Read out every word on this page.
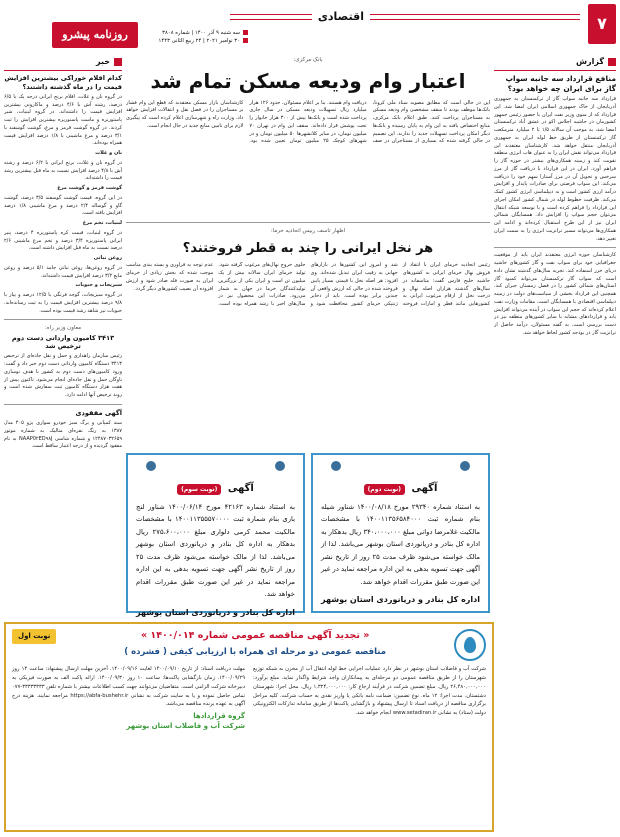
۷
اقتصادی
روزنامه پیشرو	سه شنبه ۹ آذر ۱۴۰۰ | شماره ۳۸۰۸
۳۰ نوامبر ۲۰۲۱ | ۲۴ ربیع الثانی ۱۴۴۳
گزارش
منافع قرارداد سه جانبه سواپ گاز برای ایران چه خواهد بود؟

قرارداد سه جانبه سواپ گاز از ترکمنستان به جمهوری آذربایجان از خاک جمهوری اسلامی ایران امضا شد. این قرارداد که از سوی وزیر نفت ایران با حضور رئیس جمهور کشورمان در حاشیه اجلاس اکو در عشق آباد ترکمنستان امضا شد، به موجب آن سالانه ۱/۵ تا ۲ میلیارد مترمکعب گاز ترکمنستان از طریق خط لوله ایران به جمهوری آذربایجان منتقل خواهد شد. کارشناسان معتقدند این قرارداد می‌تواند نقش ایران را به عنوان هاب انرژی منطقه تقویت کند و زمینه همکاری‌های بیشتر در حوزه گاز را فراهم آورد. ایران در این قرارداد با دریافت گاز از مرز سرخس و تحویل آن در مرز آستارا سهم خود را دریافت می‌کند. این سواپ فرصتی برای صادرات پایدار و افزایش درآمد ارزی کشور است و به دیپلماسی انرژی کشور کمک می‌کند. ظرفیت خطوط لوله در شمال کشور امکان اجرای این قرارداد را فراهم کرده است و با توسعه شبکه انتقال می‌توان حجم سواپ را افزایش داد. همسایگان شمالی ایران نیز از این طرح استقبال کرده‌اند و ادامه این همکاری‌ها می‌تواند مسیر ترانزیت انرژی را به سمت ایران تغییر دهد.

کارشناسان حوزه انرژی معتقدند ایران باید از موقعیت جغرافیایی خود برای سواپ نفت و گاز کشورهای حاشیه دریای خزر استفاده کند. تجربه سال‌های گذشته نشان داده است که سواپ گاز ترکمنستان می‌تواند کمبود گاز استان‌های شمالی کشور را در فصل زمستان جبران کند. همچنین این قرارداد بخشی از سیاست‌های دولت در زمینه دیپلماسی اقتصادی با همسایگان است. مقامات وزارت نفت اعلام کرده‌اند که حجم این سواپ در آینده می‌تواند افزایش یابد و قراردادهای مشابه با سایر کشورهای منطقه نیز در دست بررسی است. به گفته مسئولان، درآمد حاصل از ترانزیت گاز در بودجه کشور لحاظ خواهد شد.

بانک مرکزی:
اعتبار وام ودیعه مسکن تمام شد

این در حالی است که مطابق مصوبه ستاد ملی کرونا، بانک‌ها موظف بودند تا سقف مشخصی وام ودیعه مسکن به مستاجران پرداخت کنند. طبق اعلام بانک مرکزی، منابع اختصاص یافته به این وام به پایان رسیده و بانک‌ها دیگر امکان پرداخت تسهیلات جدید را ندارند. این تصمیم در حالی گرفته شده که بسیاری از مستاجران در صف دریافت وام هستند. بنا بر اعلام مسئولان، حدود ۱۲۶ هزار میلیارد ریال تسهیلات ودیعه مسکن در سال جاری پرداخت شده است و بانک‌ها بیش از ۳۰۰ هزار خانوار را تحت پوشش قرار داده‌اند. سقف این وام در تهران ۷۰ میلیون تومان، در سایر کلانشهرها ۵۰ میلیون تومان و در شهرهای کوچک ۲۵ میلیون تومان تعیین شده بود. کارشناسان بازار مسکن معتقدند که قطع این وام فشار بر مستاجران را در فصل نقل و انتقالات افزایش خواهد داد. وزارت راه و شهرسازی اعلام کرده است که پیگیری لازم برای تامین منابع جدید در حال انجام است.

اظهار تاسف رییس اتحادیه خرما:
هر نخل ایرانی را چند به قطر فروختند؟

رئیس اتحادیه خرمای ایران با انتقاد از فروش نهال خرمای ایرانی به کشورهای حاشیه خلیج فارس گفت: متاسفانه در سال‌های گذشته هزاران اصله نهال و درخت نخل از ارقام مرغوب ایرانی به کشورهایی مانند قطر و امارات فروخته شد و امروز این کشورها در بازارهای جهانی به رقیب ایران تبدیل شده‌اند. وی افزود: هر اصله نخل با قیمتی بسیار پایین فروخته شده در حالی که ارزش واقعی آن چندین برابر بوده است. باید از ذخایر ژنتیکی خرمای کشور محافظت شود و جلوی خروج نهال‌های مرغوب گرفته شود. تولید خرمای ایران سالانه بیش از یک میلیون تن است و ایران یکی از بزرگترین تولیدکنندگان خرما در جهان به شمار می‌رود. صادرات این محصول نیز در سال‌های اخیر با رشد همراه بوده است. عدم توجه به فرآوری و بسته بندی مناسب موجب شده که بخش زیادی از خرمای ایران به صورت فله صادر شود و ارزش افزوده آن نصیب کشورهای دیگر گردد.

خبر
کدام اقلام خوراکی بیشترین افزایش قیمت را در ماه گذشته داشتند؟

در گروه نان و غلات، اقلام برنج ایرانی درجه یک با ۶/۵ درصد، رشته آش با ۴/۶ درصد و ماکارونی بیشترین افزایش قیمت را داشته‌اند. در گروه لبنیات، شیر پاستوریزه و ماست پاستوریزه بیشترین افزایش را ثبت کردند. در گروه گوشت قرمز و مرغ، گوشت گوسفند با ۳/۱ درصد و مرغ ماشینی با ۱/۸ درصد افزایش قیمت همراه بوده‌اند.

نان و غلات

در گروه نان و غلات، برنج ایرانی با ۶/۲ درصد و رشته آش با ۴/۸ درصد افزایش نسبت به ماه قبل بیشترین رشد قیمت را داشته‌اند.

گوشت قرمز و گوشت مرغ

در این گروه، قیمت گوشت گوسفند ۳/۵ درصد، گوشت گاو و گوساله ۲/۴ درصد و مرغ ماشینی ۱/۸ درصد افزایش یافته است.

لبنیات، تخم مرغ

در گروه لبنیات، قیمت کره پاستوریزه ۴ درصد، پنیر ایرانی پاستوریزه ۳/۴ درصد و تخم مرغ ماشینی ۲/۶ درصد نسبت به ماه قبل افزایش داشته است.

روغن نباتی

در گروه روغن‌ها، روغن نباتی جامد ۵/۱ درصد و روغن مایع ۳/۲ درصد افزایش قیمت داشته‌اند.

سبزیجات و حبوبات

در گروه سبزیجات، گوجه فرنگی با ۱۲/۵ درصد و پیاز با ۹/۸ درصد بیشترین افزایش قیمت را به ثبت رسانده‌اند. حبوبات نیز شاهد رشد قیمت بوده است.

معاون وزیر راه:
۳۴۱۳ کامیون وارداتی دست دوم ترخیص شد

رئیس سازمان راهداری و حمل و نقل جاده‌ای از ترخیص ۳۴۱۳ دستگاه کامیون وارداتی دست دوم خبر داد و گفت: ورود کامیون‌های دست دوم به کشور با هدف نوسازی ناوگان حمل و نقل جاده‌ای انجام می‌شود. تاکنون بیش از هفت هزار دستگاه کامیون ثبت سفارش شده است و روند ترخیص آنها ادامه دارد.

آگهی مفقودی

سند کمپانی و برگ سبز خودرو سواری پژو ۴۰۵ مدل ۱۳۸۷ به رنگ نقره‌ای متالیک به شماره موتور ۱۲۴۸۷۰۳۲۶۵۹ و شماره شاسی NAAP0۲ED۹۸J به نام مفقود گردیده و از درجه اعتبار ساقط است.

آگهی (نوبت دوم)
به استناد شماره ۲۹۳۴۰ مورخ ۱۴۰۰/۰۸/۱۸ شناور شیله بنام شماره ثبت ۱۴۰۰۱۱۳۵۶۵۸۴۰۰۰ با مشخصات مالکیت غلامرضا دوانی مبلغ ۳۴۰،۰۰۰،۰۰۰ ریال بدهکار به اداره کل بنادر و دریانوردی استان بوشهر می‌باشد. لذا از مالک خواسته می‌شود ظرف مدت ۲۵ روز از تاریخ نشر آگهی جهت تسویه بدهی به این اداره مراجعه نماید در غیر این صورت طبق مقررات اقدام خواهد شد.
اداره کل بنادر و دریانوردی استان بوشهر
آگهی (نوبت سوم)
به استناد شماره ۴۲۱۶۳ مورخ ۱۴۰۰/۰۶/۱۴ شناور لنج باری بنام شماره ثبت ۱۴۰۰۱۱۳۵۵۵۷۰۰۰۰ با مشخصات مالکیت محمد کرمی دلواری مبلغ ۲۷۵،۶۰۰،۰۰۰ ریال بدهکار به اداره کل بنادر و دریانوردی استان بوشهر می‌باشد. لذا از مالک خواسته می‌شود ظرف مدت ۲۵ روز از تاریخ نشر آگهی جهت تسویه بدهی به این اداره مراجعه نماید در غیر این صورت طبق مقررات اقدام خواهد شد.
اداره کل بنادر و دریانوردی استان بوشهر
« تجدید آگهی مناقصه عمومی شماره ۱۴۰۰/۰۱۴ »
مناقصه عمومی دو مرحله ای همراه با ارزیابی کیفی ( فشرده )
نوبت اول
شرکت آب و فاضلاب استان بوشهر در نظر دارد عملیات اجرایی خط لوله انتقال آب از مخزن به شبکه توزیع شهرستان را از طریق مناقصه عمومی دو مرحله‌ای به پیمانکاران واجد شرایط واگذار نماید. مبلغ برآورد: ۲۶,۴۸۰,۰۰۰,۰۰۰ ریال. مبلغ تضمین شرکت در فرآیند ارجاع کار: ۱,۳۲۴,۰۰۰,۰۰۰ ریال. محل اجرا: شهرستان دشتستان. مدت اجرا: ۱۲ ماه. نوع تضمین: ضمانت نامه بانکی یا واریز نقدی به حساب شرکت. کلیه مراحل برگزاری مناقصه از دریافت اسناد تا ارسال پیشنهاد و بازگشایی پاکت‌ها از طریق سامانه تدارکات الکترونیکی دولت (ستاد) به نشانی www.setadiran.ir انجام خواهد شد.
مهلت دریافت اسناد: از تاریخ ۱۴۰۰/۰۹/۱۰ لغایت ۱۴۰۰/۰۹/۱۶. آخرین مهلت ارسال پیشنهاد: ساعت ۱۴ روز ۱۴۰۰/۰۹/۲۹. زمان بازگشایی پاکت‌ها: ساعت ۱۰ روز ۱۴۰۰/۰۹/۳۰. ارائه پاکت الف به صورت فیزیکی به دبیرخانه شرکت الزامی است. متقاضیان می‌توانند جهت کسب اطلاعات بیشتر با شماره تلفن ۳۳۳۳۳۳۳۳-۰۷۷ تماس حاصل نموده و یا به سایت شرکت به نشانی https://abfa-bushehr.ir مراجعه نمایند. هزینه درج آگهی به عهده برنده مناقصه می‌باشد.
گروه قراردادها
شرکت آب و فاضلاب استان بوشهر
